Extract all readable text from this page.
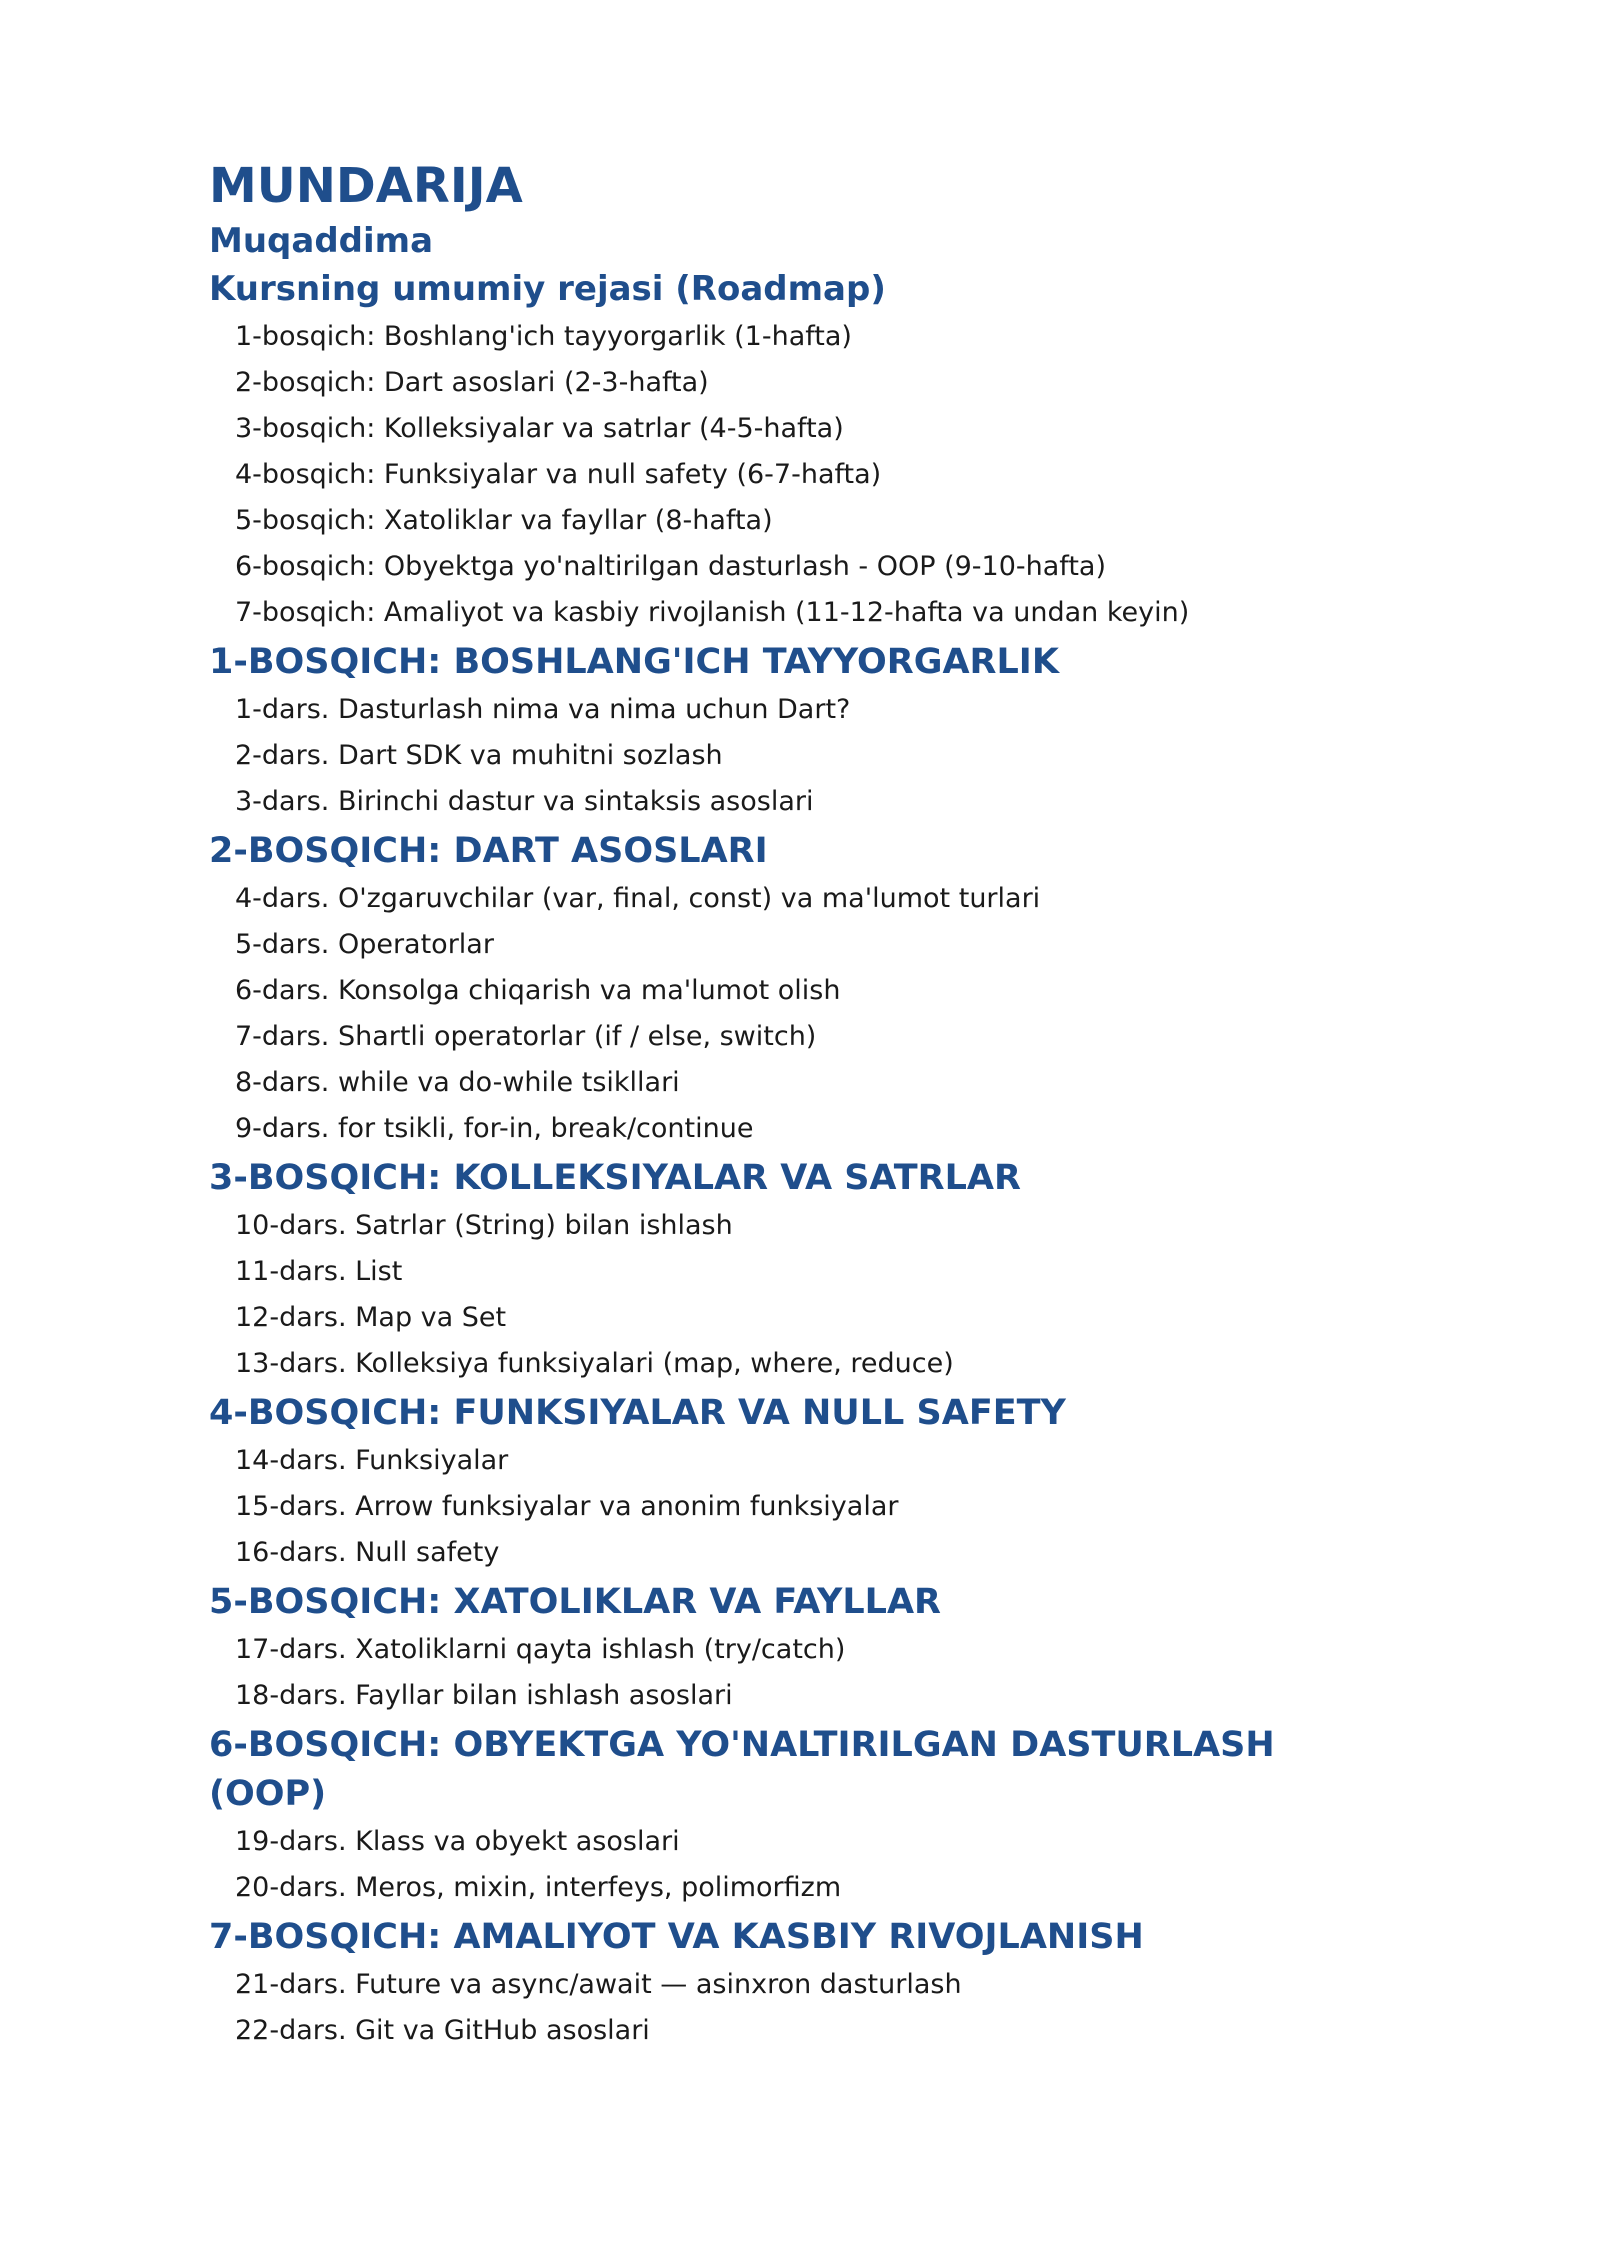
MUNDARIJA
Muqaddima
Kursning umumiy rejasi (Roadmap)
1-bosqich: Boshlang'ich tayyorgarlik (1-hafta)
2-bosqich: Dart asoslari (2-3-hafta)
3-bosqich: Kolleksiyalar va satrlar (4-5-hafta)
4-bosqich: Funksiyalar va null safety (6-7-hafta)
5-bosqich: Xatoliklar va fayllar (8-hafta)
6-bosqich: Obyektga yo'naltirilgan dasturlash - OOP (9-10-hafta)
7-bosqich: Amaliyot va kasbiy rivojlanish (11-12-hafta va undan keyin)
1-BOSQICH: BOSHLANG'ICH TAYYORGARLIK
1-dars. Dasturlash nima va nima uchun Dart?
2-dars. Dart SDK va muhitni sozlash
3-dars. Birinchi dastur va sintaksis asoslari
2-BOSQICH: DART ASOSLARI
4-dars. O'zgaruvchilar (var, final, const) va ma'lumot turlari
5-dars. Operatorlar
6-dars. Konsolga chiqarish va ma'lumot olish
7-dars. Shartli operatorlar (if / else, switch)
8-dars. while va do-while tsikllari
9-dars. for tsikli, for-in, break/continue
3-BOSQICH: KOLLEKSIYALAR VA SATRLAR
10-dars. Satrlar (String) bilan ishlash
11-dars. List
12-dars. Map va Set
13-dars. Kolleksiya funksiyalari (map, where, reduce)
4-BOSQICH: FUNKSIYALAR VA NULL SAFETY
14-dars. Funksiyalar
15-dars. Arrow funksiyalar va anonim funksiyalar
16-dars. Null safety
5-BOSQICH: XATOLIKLAR VA FAYLLAR
17-dars. Xatoliklarni qayta ishlash (try/catch)
18-dars. Fayllar bilan ishlash asoslari
6-BOSQICH: OBYEKTGA YO'NALTIRILGAN DASTURLASH (OOP)
19-dars. Klass va obyekt asoslari
20-dars. Meros, mixin, interfeys, polimorfizm
7-BOSQICH: AMALIYOT VA KASBIY RIVOJLANISH
21-dars. Future va async/await — asinxron dasturlash
22-dars. Git va GitHub asoslari
